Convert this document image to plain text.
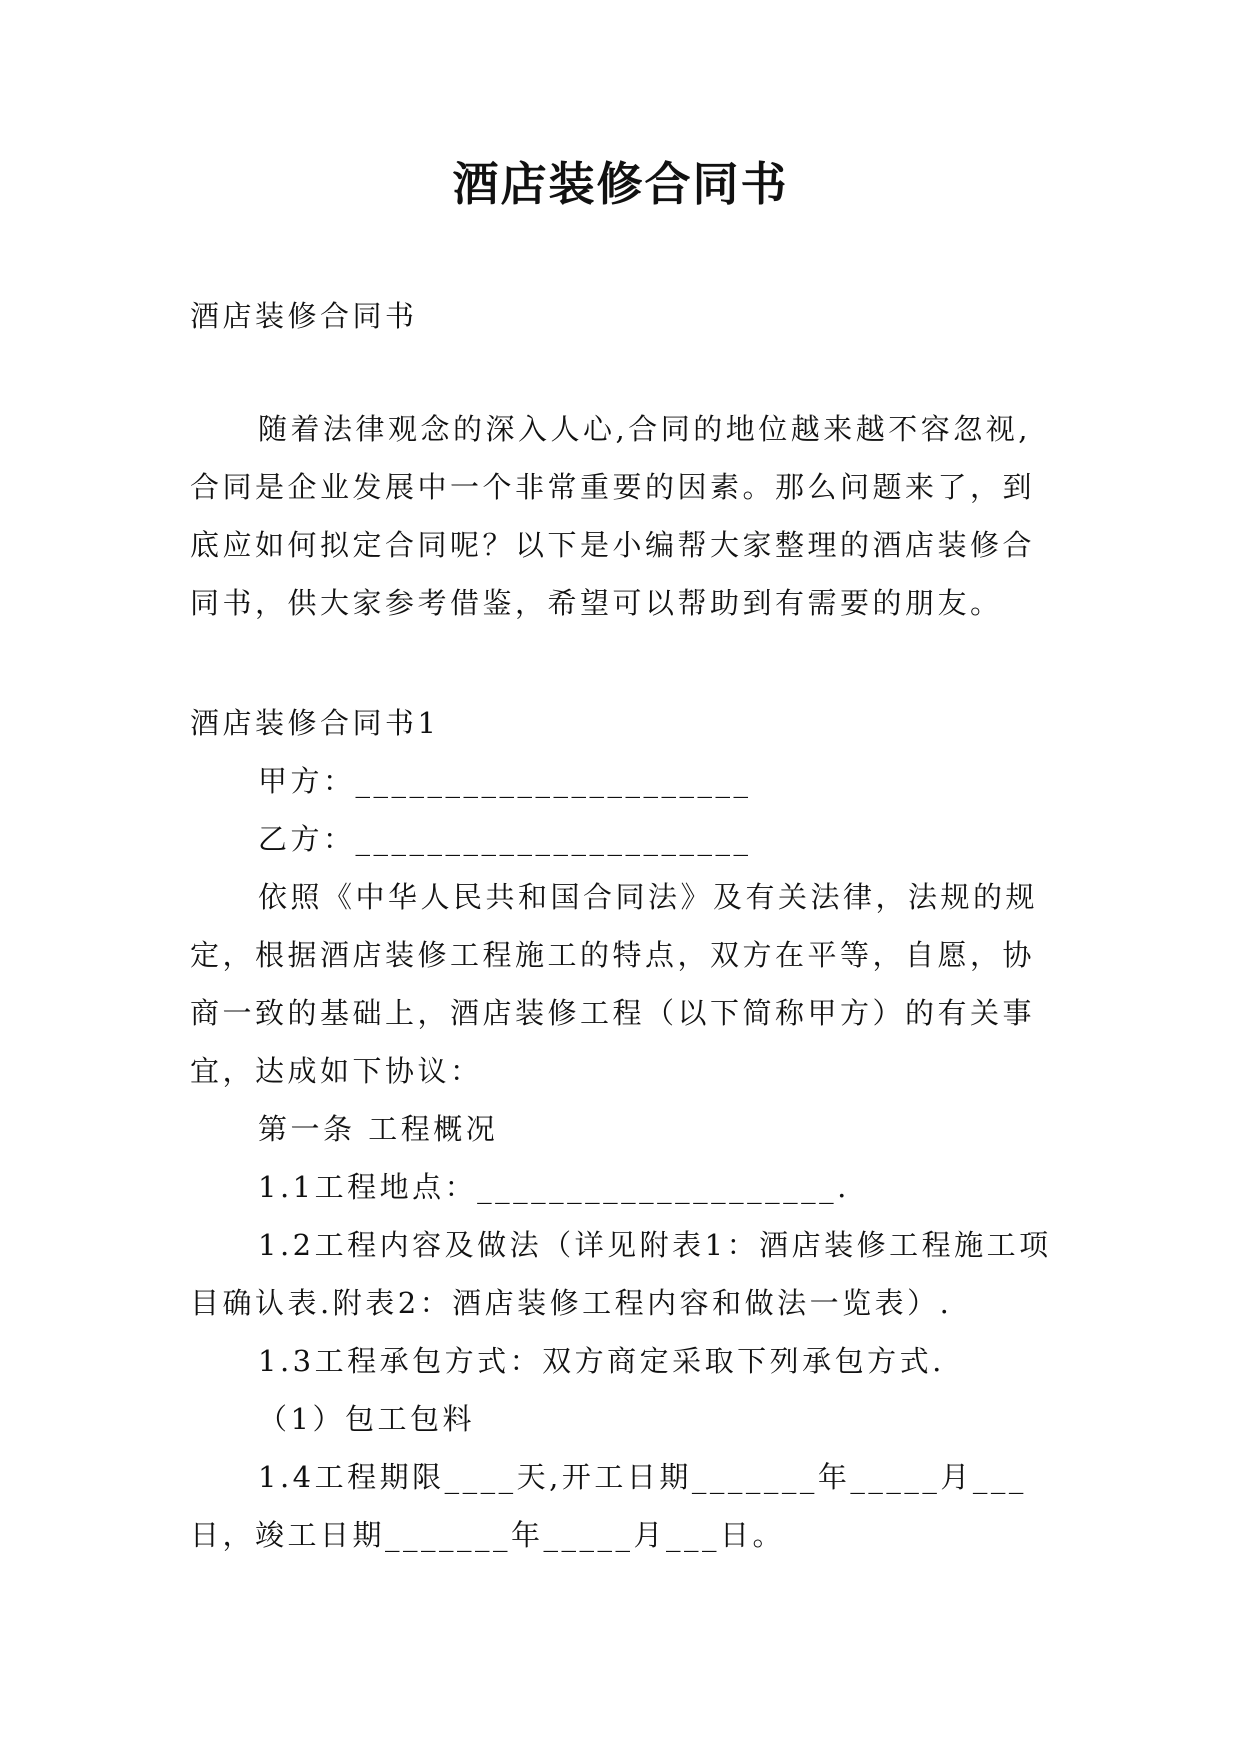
酒店装修合同书

酒店装修合同书

随着法律观念的深入人心,合同的地位越来越不容忽视,合同是企业发展中一个非常重要的因素。那么问题来了，到底应如何拟定合同呢？以下是小编帮大家整理的酒店装修合同书，供大家参考借鉴，希望可以帮助到有需要的朋友。

酒店装修合同书1

甲方：______________________

乙方：______________________

依照《中华人民共和国合同法》及有关法律，法规的规定，根据酒店装修工程施工的特点，双方在平等，自愿，协商一致的基础上，酒店装修工程（以下简称甲方）的有关事宜，达成如下协议：

第一条 工程概况

1.1工程地点：____________________.

1.2工程内容及做法（详见附表1：酒店装修工程施工项目确认表.附表2：酒店装修工程内容和做法一览表）.

1.3工程承包方式：双方商定采取下列承包方式.

（1）包工包料

1.4工程期限____天,开工日期_______年_____月___日，竣工日期_______年_____月___日。
